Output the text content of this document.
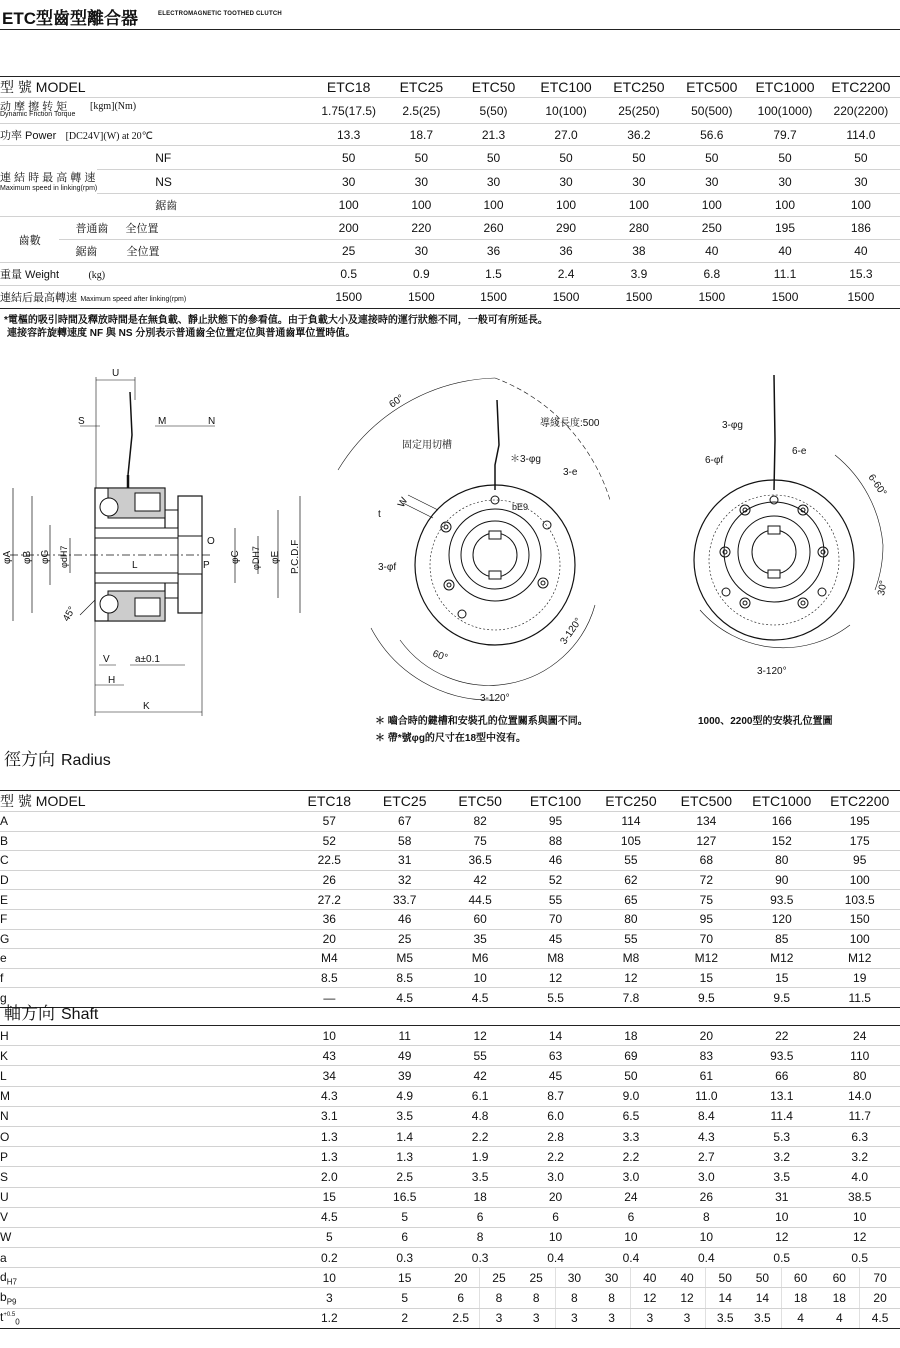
ETC型齒型離合器	ELECTROMAGNETIC TOOTHED CLUTCH
型 號 MODEL			ETC18	ETC25	ETC50	ETC100	ETC250	ETC500	ETC1000	ETC2200

动 摩 擦 转 矩
Dynamic Friction Torque
[kgm](Nm)			1.75(17.5)	2.5(25)	5(50)	10(100)	25(250)	50(500)	100(1000)	220(2200)
功率 Power [DC24V](W) at 20℃			13.3	18.7	21.3	27.0	36.2	56.6	79.7	114.0

連 結 時 最 高 轉 速
Maximum speed in linking(rpm)		NF	50	50	50	50	50	50	50	50
		NS	30	30	30	30	30	30	30	30
		鋸齒	100	100	100	100	100	100	100	100
齒數	普通齒 全位置		200	220	260	290	280	250	195	186
	鋸齒 全位置		25	30	36	36	38	40	40	40
重量 Weight (kg)			0.5	0.9	1.5	2.4	3.9	6.8	11.1	15.3
連結后最高轉速 Maximum speed after linking(rpm)			1500	1500	1500	1500	1500	1500	1500	1500
*電樞的吸引時間及釋放時間是在無負載、靜止狀態下的參看值。由于負載大小及連接時的運行狀態不同，一般可有所延長。
連接容許旋轉速度 NF 與 NS 分別表示普通齒全位置定位與普通齒單位置時值。
U
S	M	N
φA φB φG φdH7	L
O
P
φC φDH7 φE P.C.D.F
45°
V	a±0.1
H
K
60°
導綫長度:500
固定用切槽
＊3-φg
3-e
W
t
bE9
3-φf
60°
3-120°
3-120°
3-φg
6-φf
6-e
6-60°
30°
3-120°
＊ 嚙合時的鍵槽和安裝孔的位置關系與圖不同。
＊ 帶*號φg的尺寸在18型中沒有。
1000、2200型的安裝孔位置圖
徑方向 Radius
型 號 MODEL	ETC18	ETC25	ETC50	ETC100	ETC250	ETC500	ETC1000	ETC2200
A	57	67	82	95	114	134	166	195
B	52	58	75	88	105	127	152	175
C	22.5	31	36.5	46	55	68	80	95
D	26	32	42	52	62	72	90	100
E	27.2	33.7	44.5	55	65	75	93.5	103.5
F	36	46	60	70	80	95	120	150
G	20	25	35	45	55	70	85	100
e	M4	M5	M6	M8	M8	M12	M12	M12
f	8.5	8.5	10	12	12	15	15	19
g	—	4.5	4.5	5.5	7.8	9.5	9.5	11.5
軸方向 Shaft
H	10	11	12		14		18		20		22		24	
K	43	49	55		63		69		83		93.5		110	
L	34	39	42		45		50		61		66		80	
M	4.3	4.9	6.1		8.7		9.0		11.0		13.1		14.0	
N	3.1	3.5	4.8		6.0		6.5		8.4		11.4		11.7	
O	1.3	1.4	2.2		2.8		3.3		4.3		5.3		6.3	
P	1.3	1.3	1.9		2.2		2.2		2.7		3.2		3.2	
S	2.0	2.5	3.5		3.0		3.0		3.0		3.5		4.0	
U	15	16.5	18		20		24		26		31		38.5	
V	4.5	5	6		6		6		8		10		10	
W	5	6	8		10		10		10		12		12	
a	0.2	0.3	0.3		0.4		0.4		0.4		0.5		0.5	
$d_{H7}$	10	15	20	25	25	30	30	40	40	50	50	60	60	70
$b_{P9}$	3	5	6	8	8	8	8	12	12	14	14	18	18	20
$t^{+0.5}_0$	1.2	2	2.5	3	3	3	3	3	3	3.5	3.5	4	4	4.5
